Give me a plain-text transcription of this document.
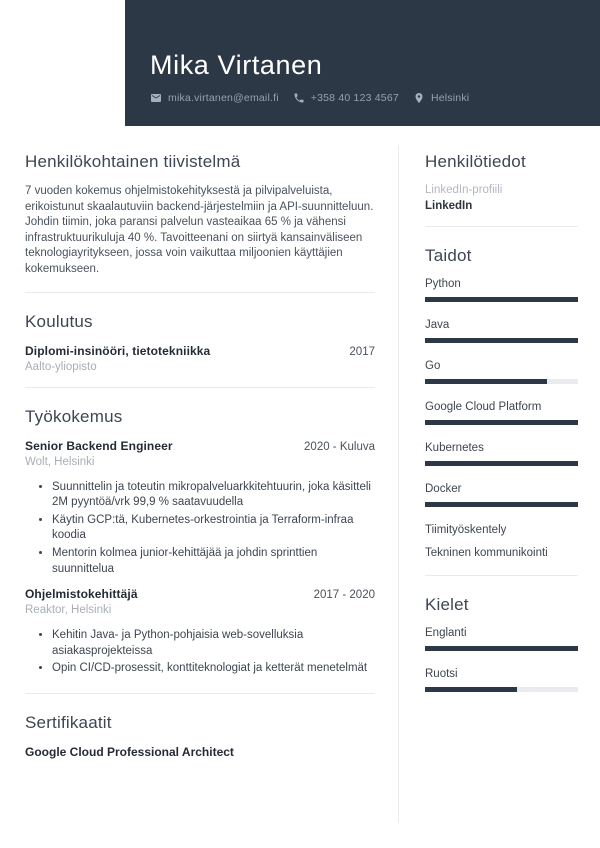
Mika Virtanen
mika.virtanen@email.fi	+358 40 123 4567	Helsinki
Henkilökohtainen tiivistelmä

7 vuoden kokemus ohjelmistokehityksestä ja pilvipalveluista, erikoistunut skaalautuviin backend-järjestelmiin ja API-suunnitteluun. Johdin tiimin, joka paransi palvelun vasteaikaa 65 % ja vähensi infrastruktuurikuluja 40 %. Tavoitteenani on siirtyä kansainväliseen teknologiayritykseen, jossa voin vaikuttaa miljoonien käyttäjien kokemukseen.

Koulutus
Diplomi-insinööri, tietotekniikka	2017
Aalto-yliopisto
Työkokemus
Senior Backend Engineer	2020 - Kuluva
Wolt, Helsinki
• Suunnittelin ja toteutin mikropalveluarkkitehtuurin, joka käsitteli 2M pyyntöä/vrk 99,9 % saatavuudella
• Käytin GCP:tä, Kubernetes-orkestrointia ja Terraform-infraa koodia
• Mentorin kolmea junior-kehittäjää ja johdin sprinttien suunnittelua
Ohjelmistokehittäjä	2017 - 2020
Reaktor, Helsinki
• Kehitin Java- ja Python-pohjaisia web-sovelluksia asiakasprojekteissa
• Opin CI/CD-prosessit, konttiteknologiat ja ketterät menetelmät
Sertifikaatit
Google Cloud Professional Architect
Henkilötiedot
LinkedIn-profiili
LinkedIn
Taidot
Python
Java
Go
Google Cloud Platform
Kubernetes
Docker
Tiimityöskentely
Tekninen kommunikointi
Kielet
Englanti
Ruotsi
